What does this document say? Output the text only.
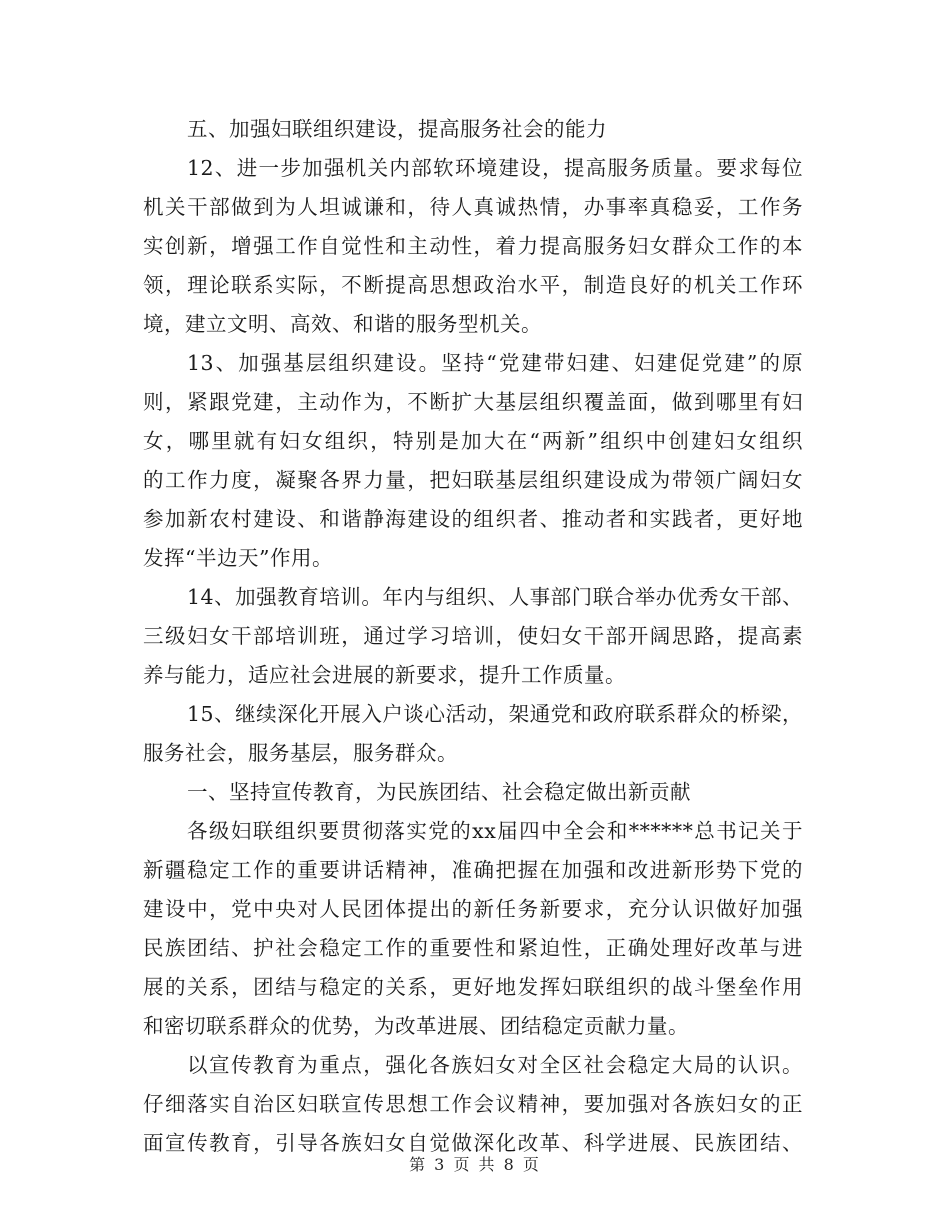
五、加强妇联组织建设，提高服务社会的能力
12、进一步加强机关内部软环境建设，提高服务质量。要求每位
机关干部做到为人坦诚谦和，待人真诚热情，办事率真稳妥，工作务
实创新，增强工作自觉性和主动性，着力提高服务妇女群众工作的本
领，理论联系实际，不断提高思想政治水平，制造良好的机关工作环
境，建立文明、高效、和谐的服务型机关。
13、加强基层组织建设。坚持“党建带妇建、妇建促党建”的原
则，紧跟党建，主动作为，不断扩大基层组织覆盖面，做到哪里有妇
女，哪里就有妇女组织，特别是加大在“两新”组织中创建妇女组织
的工作力度，凝聚各界力量，把妇联基层组织建设成为带领广阔妇女
参加新农村建设、和谐静海建设的组织者、推动者和实践者，更好地
发挥“半边天”作用。
14、加强教育培训。年内与组织、人事部门联合举办优秀女干部、
三级妇女干部培训班，通过学习培训，使妇女干部开阔思路，提高素
养与能力，适应社会进展的新要求，提升工作质量。
15、继续深化开展入户谈心活动，架通党和政府联系群众的桥梁，
服务社会，服务基层，服务群众。
一、坚持宣传教育，为民族团结、社会稳定做出新贡献
各级妇联组织要贯彻落实党的xx届四中全会和******总书记关于
新疆稳定工作的重要讲话精神，准确把握在加强和改进新形势下党的
建设中，党中央对人民团体提出的新任务新要求，充分认识做好加强
民族团结、护社会稳定工作的重要性和紧迫性，正确处理好改革与进
展的关系，团结与稳定的关系，更好地发挥妇联组织的战斗堡垒作用
和密切联系群众的优势，为改革进展、团结稳定贡献力量。
以宣传教育为重点，强化各族妇女对全区社会稳定大局的认识。
仔细落实自治区妇联宣传思想工作会议精神，要加强对各族妇女的正
面宣传教育，引导各族妇女自觉做深化改革、科学进展、民族团结、
第 3 页 共 8 页
